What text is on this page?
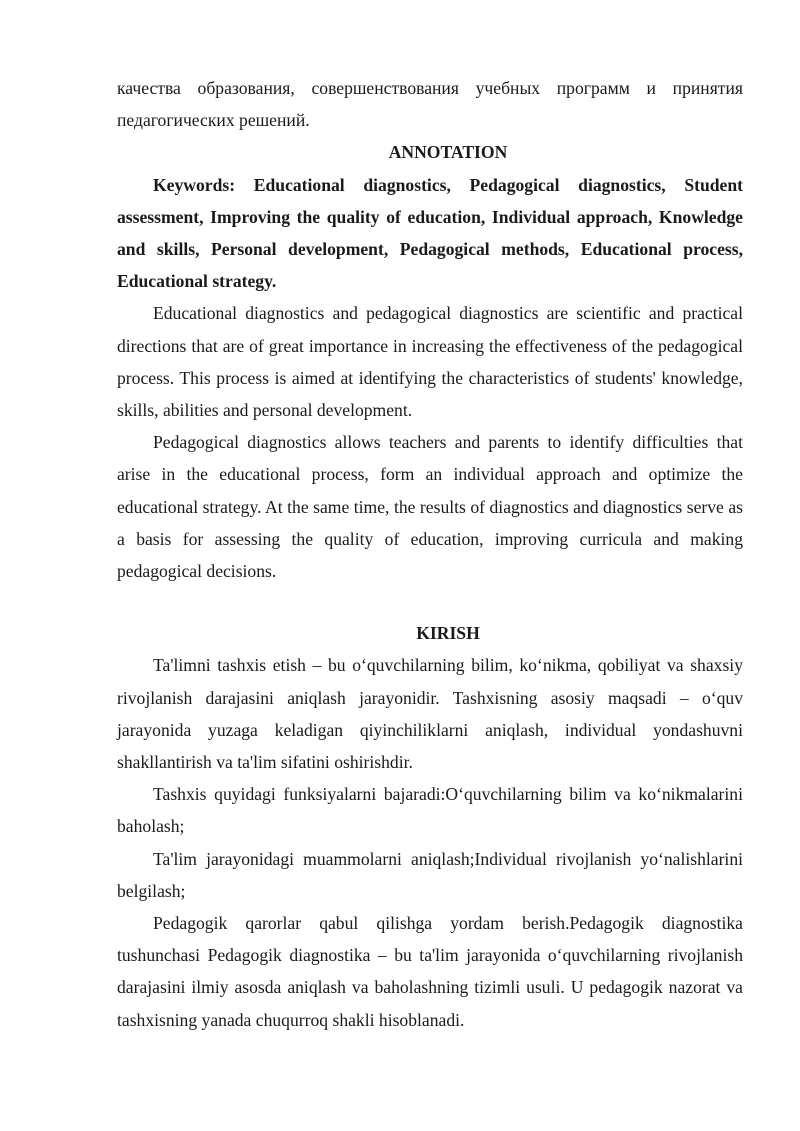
качества образования, совершенствования учебных программ и принятия педагогических решений.

ANNOTATION

Keywords: Educational diagnostics, Pedagogical diagnostics, Student assessment, Improving the quality of education, Individual approach, Knowledge and skills, Personal development, Pedagogical methods, Educational process, Educational strategy.

Educational diagnostics and pedagogical diagnostics are scientific and practical directions that are of great importance in increasing the effectiveness of the pedagogical process. This process is aimed at identifying the characteristics of students' knowledge, skills, abilities and personal development.

Pedagogical diagnostics allows teachers and parents to identify difficulties that arise in the educational process, form an individual approach and optimize the educational strategy. At the same time, the results of diagnostics and diagnostics serve as a basis for assessing the quality of education, improving curricula and making pedagogical decisions.

KIRISH

Ta'limni tashxis etish – bu o‘quvchilarning bilim, ko‘nikma, qobiliyat va shaxsiy rivojlanish darajasini aniqlash jarayonidir. Tashxisning asosiy maqsadi – o‘quv jarayonida yuzaga keladigan qiyinchiliklarni aniqlash, individual yondashuvni shakllantirish va ta'lim sifatini oshirishdir.

Tashxis quyidagi funksiyalarni bajaradi:O‘quvchilarning bilim va ko‘nikmalarini baholash;

Ta'lim jarayonidagi muammolarni aniqlash;Individual rivojlanish yo‘nalishlarini belgilash;

Pedagogik qarorlar qabul qilishga yordam berish.Pedagogik diagnostika tushunchasi Pedagogik diagnostika – bu ta'lim jarayonida o‘quvchilarning rivojlanish darajasini ilmiy asosda aniqlash va baholashning tizimli usuli. U pedagogik nazorat va tashxisning yanada chuqurroq shakli hisoblanadi.
